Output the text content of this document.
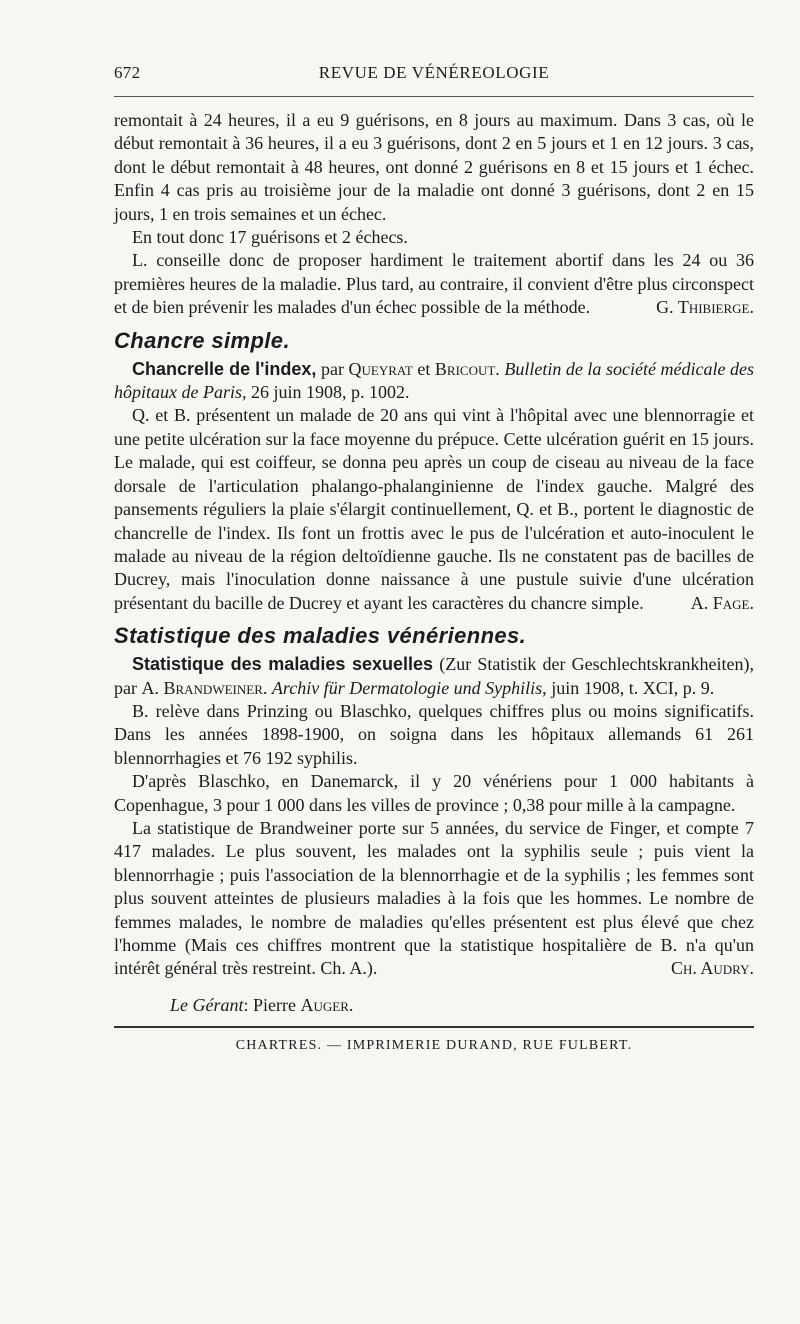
672	REVUE DE VÉNÉREOLOGIE

remontait à 24 heures, il a eu 9 guérisons, en 8 jours au maximum. Dans 3 cas, où le début remontait à 36 heures, il a eu 3 guérisons, dont 2 en 5 jours et 1 en 12 jours. 3 cas, dont le début remontait à 48 heures, ont donné 2 guérisons en 8 et 15 jours et 1 échec. Enfin 4 cas pris au troisième jour de la maladie ont donné 3 guérisons, dont 2 en 15 jours, 1 en trois semaines et un échec.

En tout donc 17 guérisons et 2 échecs.

L. conseille donc de proposer hardiment le traitement abortif dans les 24 ou 36 premières heures de la maladie. Plus tard, au contraire, il convient d'être plus circonspect et de bien prévenir les malades d'un échec possible de la méthode.	G. Thibierge.

Chancre simple.

Chancrelle de l'index, par Queyrat et Bricout. Bulletin de la société médicale des hôpitaux de Paris, 26 juin 1908, p. 1002.

Q. et B. présentent un malade de 20 ans qui vint à l'hôpital avec une blennorragie et une petite ulcération sur la face moyenne du prépuce. Cette ulcération guérit en 15 jours. Le malade, qui est coiffeur, se donna peu après un coup de ciseau au niveau de la face dorsale de l'articulation phalango-phalanginienne de l'index gauche. Malgré des pansements réguliers la plaie s'élargit continuellement, Q. et B., portent le diagnostic de chancrelle de l'index. Ils font un frottis avec le pus de l'ulcération et auto-inoculent le malade au niveau de la région deltoïdienne gauche. Ils ne constatent pas de bacilles de Ducrey, mais l'inoculation donne naissance à une pustule suivie d'une ulcération présentant du bacille de Ducrey et ayant les caractères du chancre simple.	A. Fage.

Statistique des maladies vénériennes.

Statistique des maladies sexuelles (Zur Statistik der Geschlechtskrankheiten), par A. Brandweiner. Archiv für Dermatologie und Syphilis, juin 1908, t. XCI, p. 9.

B. relève dans Prinzing ou Blaschko, quelques chiffres plus ou moins significatifs. Dans les années 1898-1900, on soigna dans les hôpitaux allemands 61 261 blennorrhagies et 76 192 syphilis.

D'après Blaschko, en Danemarck, il y 20 vénériens pour 1 000 habitants à Copenhague, 3 pour 1 000 dans les villes de province ; 0,38 pour mille à la campagne.

La statistique de Brandweiner porte sur 5 années, du service de Finger, et compte 7 417 malades. Le plus souvent, les malades ont la syphilis seule ; puis vient la blennorrhagie ; puis l'association de la blennorrhagie et de la syphilis ; les femmes sont plus souvent atteintes de plusieurs maladies à la fois que les hommes. Le nombre de femmes malades, le nombre de maladies qu'elles présentent est plus élevé que chez l'homme (Mais ces chiffres montrent que la statistique hospitalière de B. n'a qu'un intérêt général très restreint. Ch. A.).	Ch. Audry.

Le Gérant: Pierre Auger.
CHARTRES. — IMPRIMERIE DURAND, RUE FULBERT.
